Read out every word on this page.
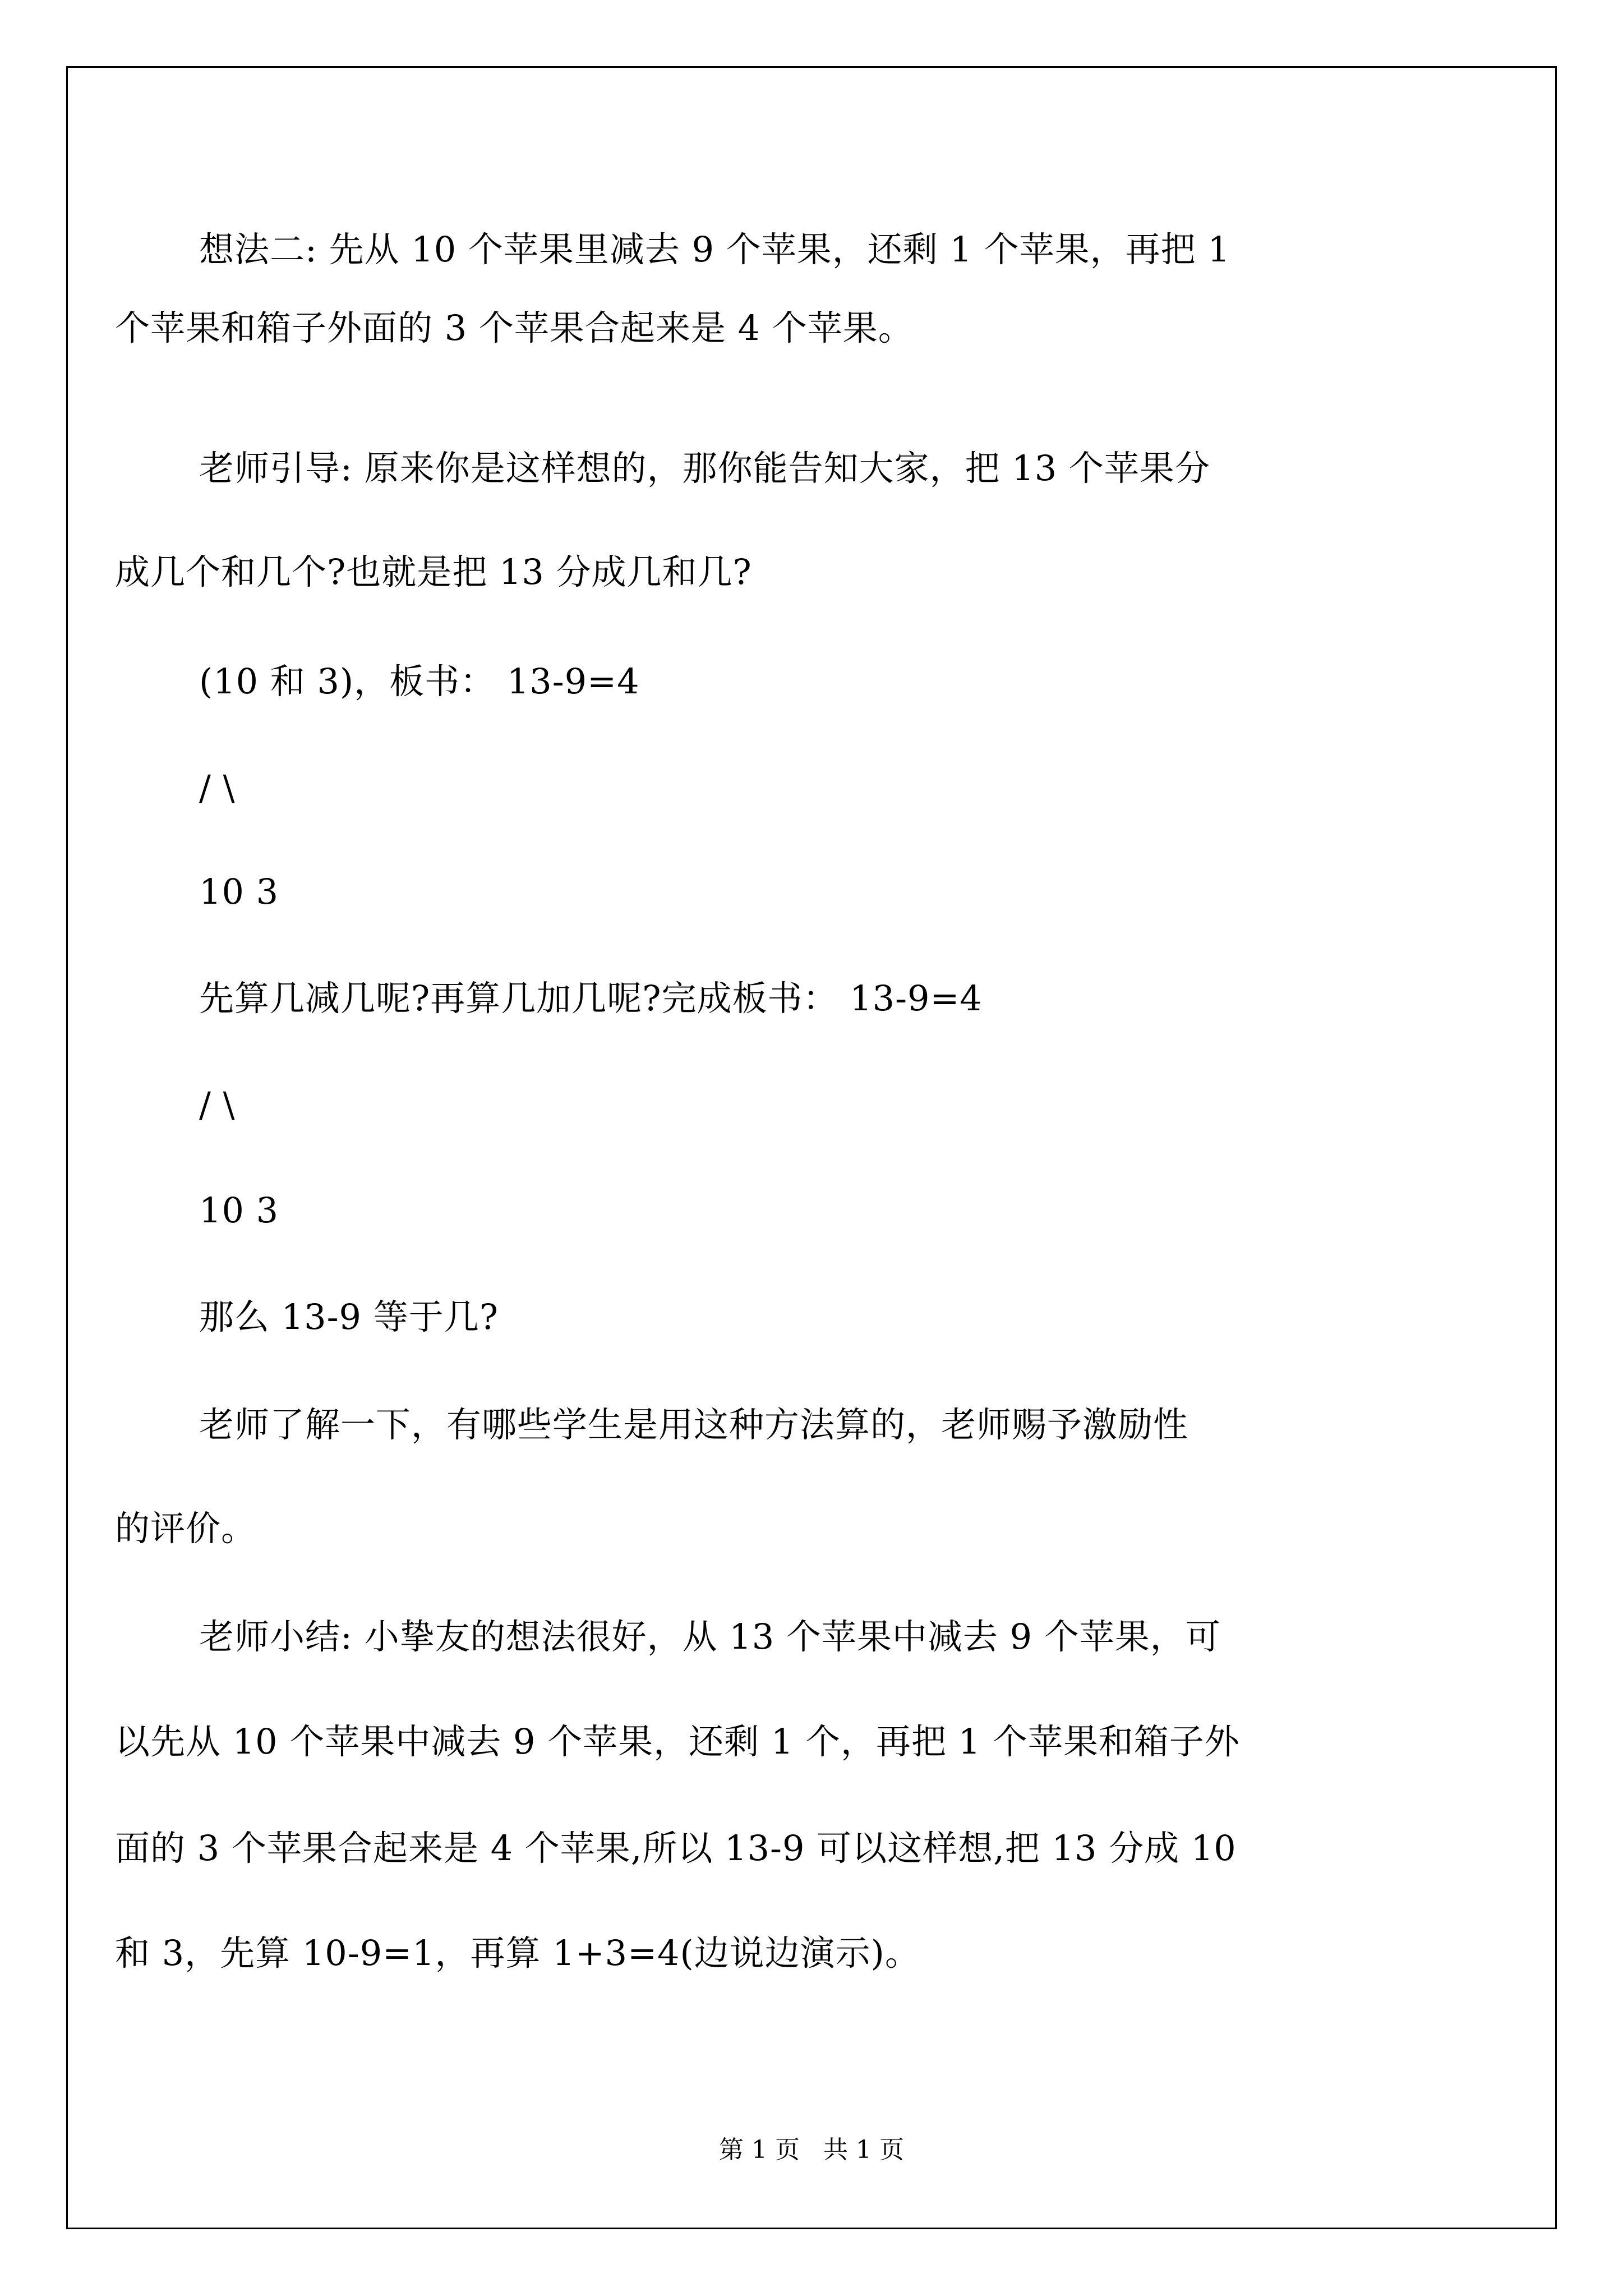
想法二: 先从 10 个苹果里减去 9 个苹果，还剩 1 个苹果，再把 1
个苹果和箱子外面的 3 个苹果合起来是 4 个苹果。
老师引导: 原来你是这样想的，那你能告知大家，把 13 个苹果分
成几个和几个?也就是把 13 分成几和几?
(10 和 3)，板书： 13-9=4
/ \
10 3
先算几减几呢?再算几加几呢?完成板书： 13-9=4
/ \
10 3
那么 13-9 等于几?
老师了解一下，有哪些学生是用这种方法算的，老师赐予激励性
的评价。
老师小结: 小挚友的想法很好，从 13 个苹果中减去 9 个苹果，可
以先从 10 个苹果中减去 9 个苹果，还剩 1 个，再把 1 个苹果和箱子外
面的 3 个苹果合起来是 4 个苹果,所以 13-9 可以这样想,把 13 分成 10
和 3，先算 10-9=1，再算 1+3=4(边说边演示)。
第 1 页   共 1 页
